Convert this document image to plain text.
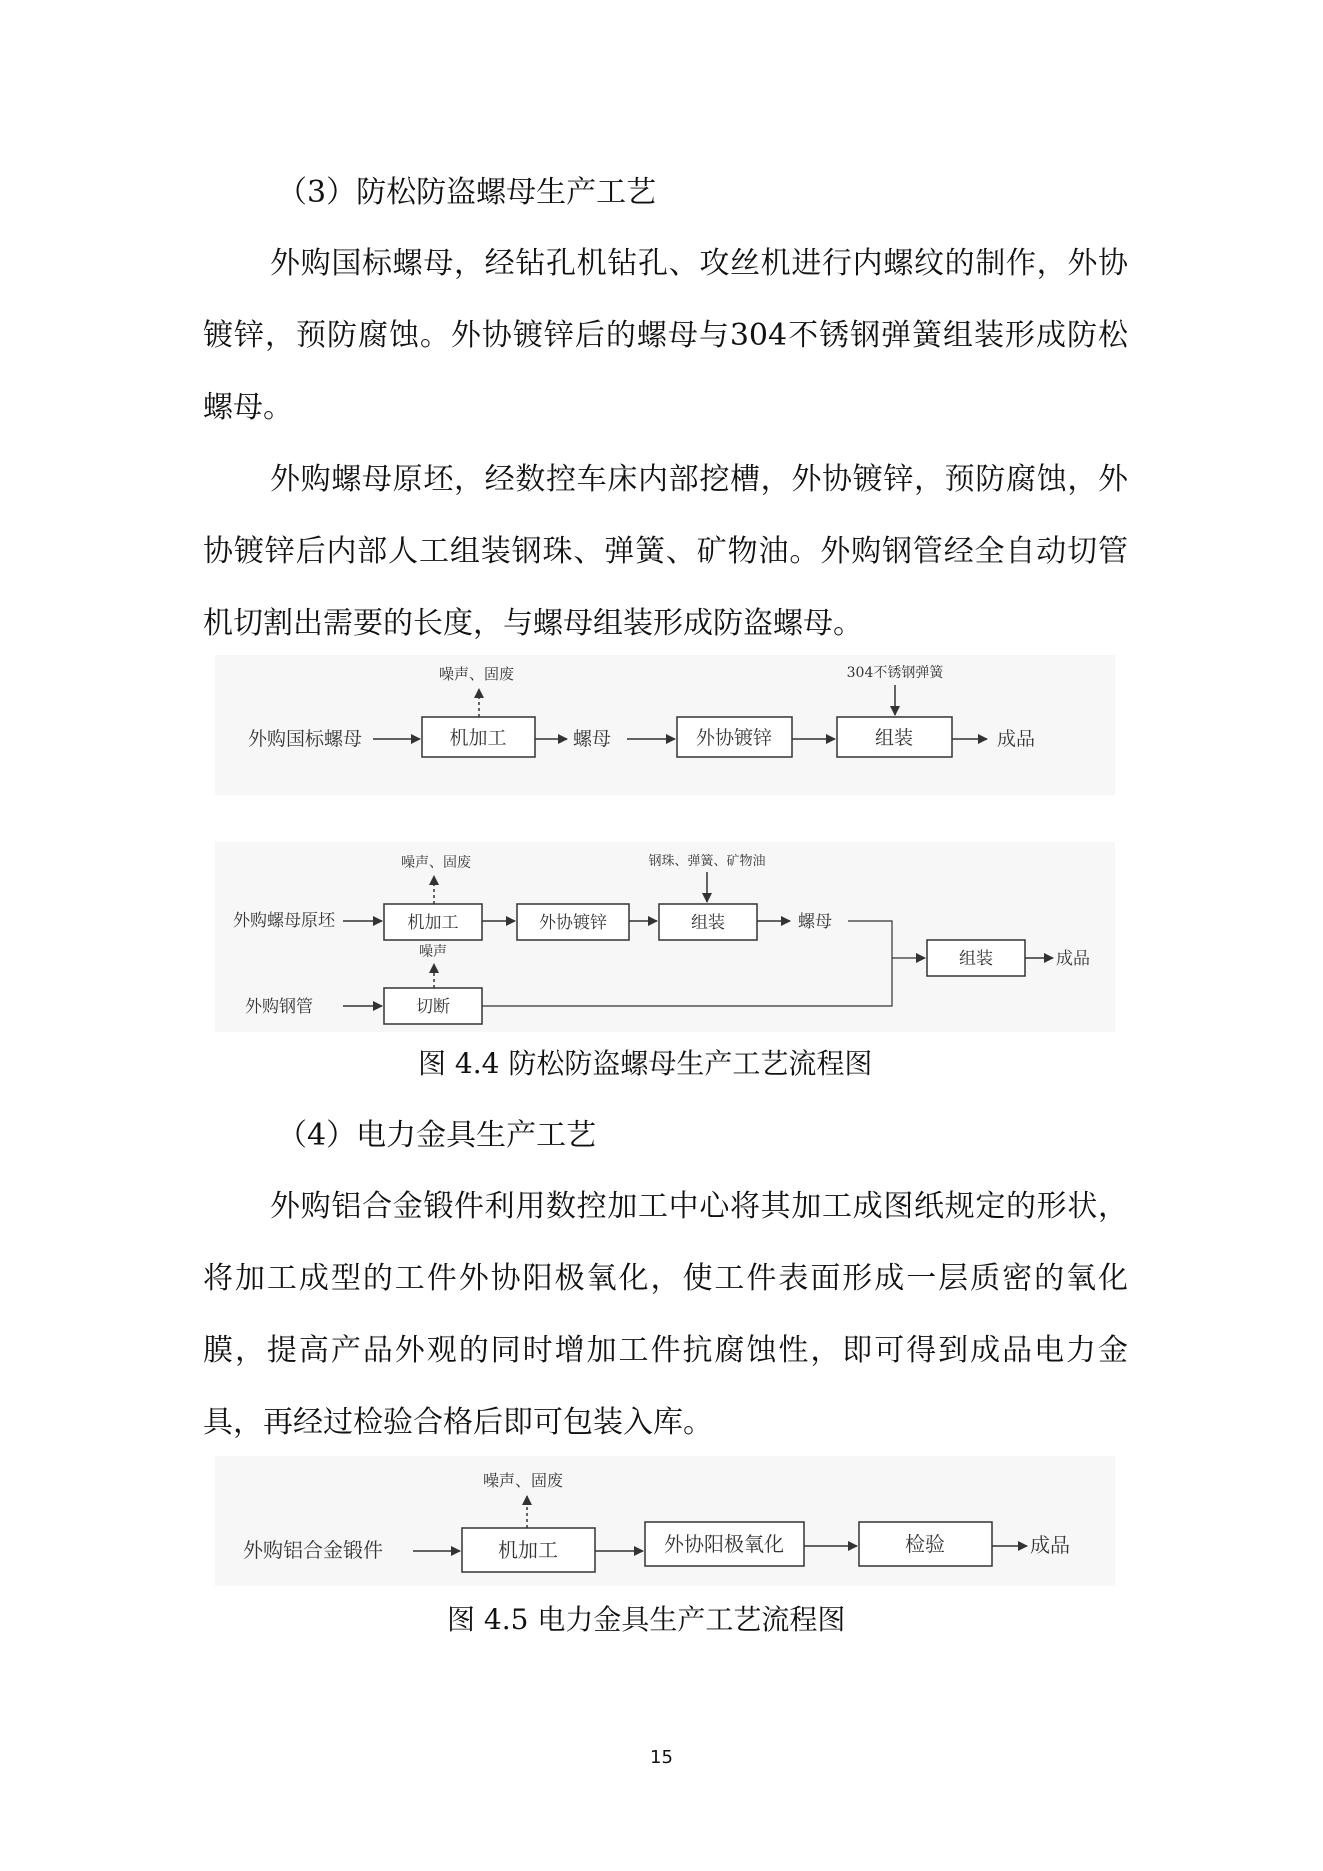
（3）防松防盗螺母生产工艺
外购国标螺母，经钻孔机钻孔、攻丝机进行内螺纹的制作，外协镀锌，预防腐蚀。外协镀锌后的螺母与304不锈钢弹簧组装形成防松螺母。
外购螺母原坯，经数控车床内部挖槽，外协镀锌，预防腐蚀，外协镀锌后内部人工组装钢珠、弹簧、矿物油。外购钢管经全自动切管机切割出需要的长度，与螺母组装形成防盗螺母。
外购国标螺母
噪声、固废
机加工	螺母	外协镀锌
304不锈钢弹簧
组装	成品
外购螺母原坯
噪声、固废
机加工	外协镀锌
钢珠、弹簧、矿物油
组装	螺母
组装	成品
噪声
外购钢管	切断
图 4.4 防松防盗螺母生产工艺流程图
（4）电力金具生产工艺
外购铝合金锻件利用数控加工中心将其加工成图纸规定的形状，将加工成型的工件外协阳极氧化，使工件表面形成一层质密的氧化膜，提高产品外观的同时增加工件抗腐蚀性，即可得到成品电力金具，再经过检验合格后即可包装入库。
外购铝合金锻件
噪声、固废
机加工	外协阳极氧化	检验	成品
图 4.5 电力金具生产工艺流程图
15
